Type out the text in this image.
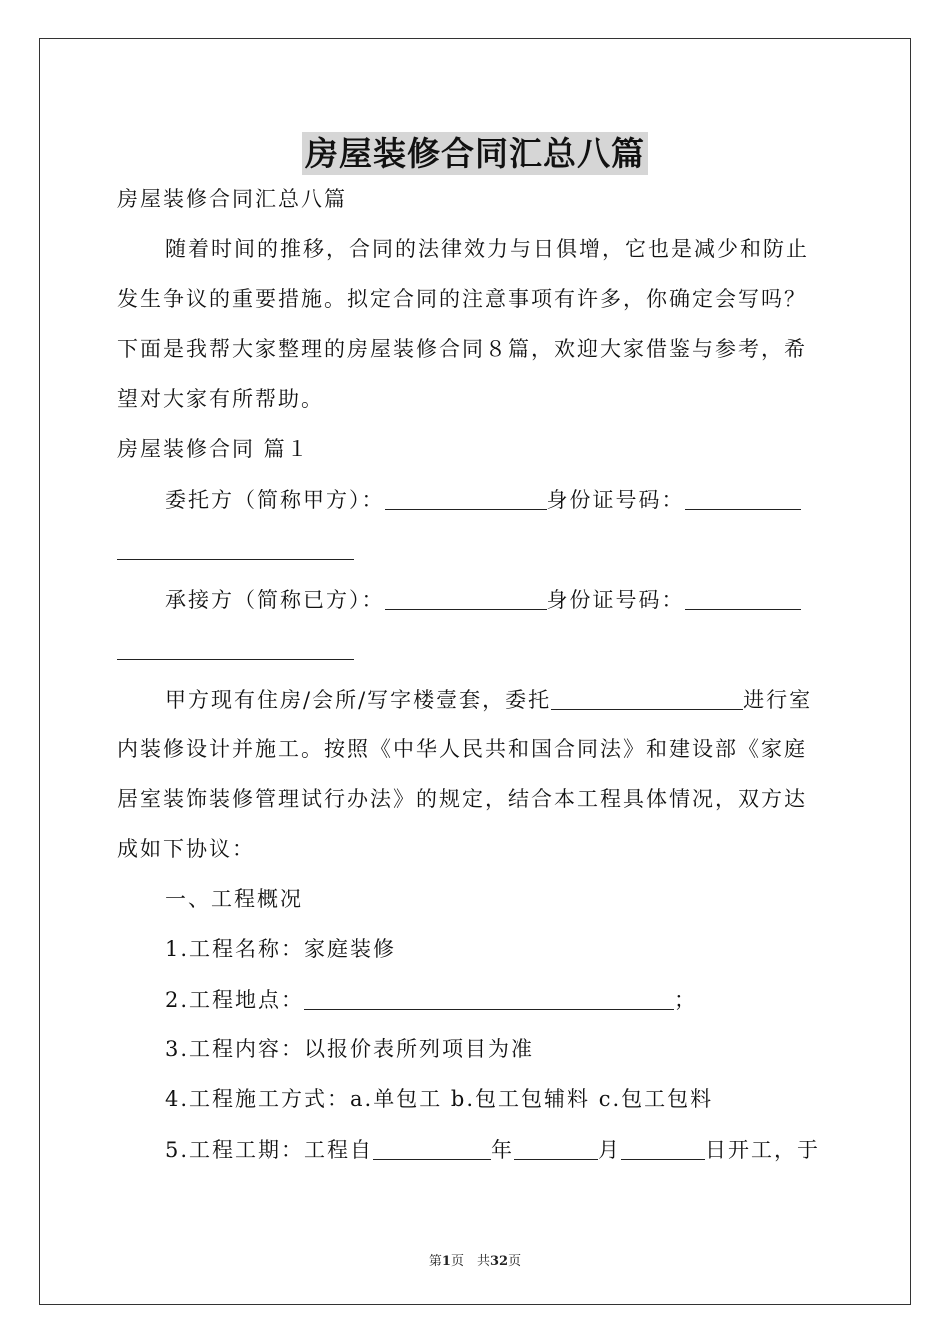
房屋装修合同汇总八篇
房屋装修合同汇总八篇
随着时间的推移，合同的法律效力与日俱增，它也是减少和防止
发生争议的重要措施。拟定合同的注意事项有许多，你确定会写吗？
下面是我帮大家整理的房屋装修合同８篇，欢迎大家借鉴与参考，希
望对大家有所帮助。
房屋装修合同 篇１
委托方（简称甲方）：	身份证号码：
承接方（简称已方）：	身份证号码：
甲方现有住房/会所/写字楼壹套，委托	进行室
内装修设计并施工。按照《中华人民共和国合同法》和建设部《家庭
居室装饰装修管理试行办法》的规定，结合本工程具体情况，双方达
成如下协议：
一、工程概况
1.工程名称：家庭装修
2.工程地点：	；
3.工程内容：以报价表所列项目为准
4.工程施工方式：a.单包工 b.包工包辅料 c.包工包料
5.工程工期：工程自	年	月	日开工，于
第1页　共32页
